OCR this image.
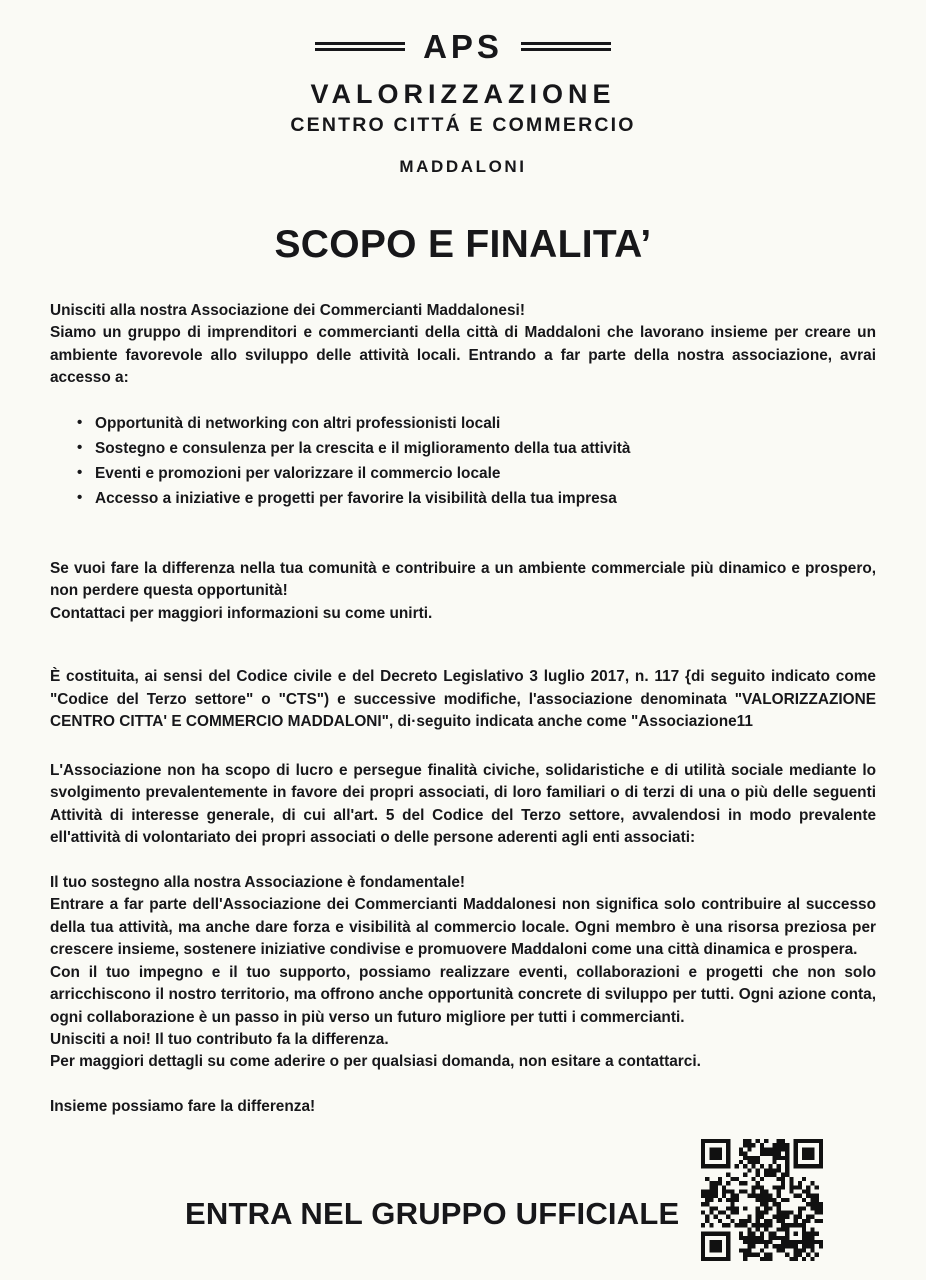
APS
VALORIZZAZIONE
CENTRO CITTÁ E COMMERCIO
MADDALONI
SCOPO E FINALITA’

Unisciti alla nostra Associazione dei Commercianti Maddalonesi!

Siamo un gruppo di imprenditori e commercianti della città di Maddaloni che lavorano insieme per creare un ambiente favorevole allo sviluppo delle attività locali. Entrando a far parte della nostra associazione, avrai accesso a:

• Opportunità di networking con altri professionisti locali
• Sostegno e consulenza per la crescita e il miglioramento della tua attività
• Eventi e promozioni per valorizzare il commercio locale
• Accesso a iniziative e progetti per favorire la visibilità della tua impresa

Se vuoi fare la differenza nella tua comunità e contribuire a un ambiente commerciale più dinamico e prospero, non perdere questa opportunità!

Contattaci per maggiori informazioni su come unirti.

È costituita, ai sensi del Codice civile e del Decreto Legislativo 3 luglio 2017, n. 117 {di seguito indicato come "Codice del Terzo settore" o "CTS") e successive modifiche, l'associazione denominata "VALORIZZAZIONE CENTRO CITTA' E COMMERCIO MADDALONI", di·seguito indicata anche come "Associazione11

L'Associazione non ha scopo di lucro e persegue finalità civiche, solidaristiche e di utilità sociale mediante lo svolgimento prevalentemente in favore dei propri associati, di loro familiari o di terzi di una o più delle seguenti Attività di interesse generale, di cui all'art. 5 del Codice del Terzo settore, avvalendosi in modo prevalente  ell'attività di volontariato dei propri associati o delle persone aderenti agli enti associati:

Il tuo sostegno alla nostra Associazione è fondamentale!

Entrare a far parte dell'Associazione dei Commercianti Maddalonesi non significa solo contribuire al successo della tua attività, ma anche dare forza e visibilità al commercio locale. Ogni membro è una risorsa preziosa per crescere insieme, sostenere iniziative condivise e promuovere Maddaloni come una città dinamica e prospera.

Con il tuo impegno e il tuo supporto, possiamo realizzare eventi, collaborazioni e progetti che non solo arricchiscono il nostro territorio, ma offrono anche opportunità concrete di sviluppo per tutti. Ogni azione conta, ogni collaborazione è un passo in più verso un futuro migliore per tutti i commercianti.

Unisciti a noi! Il tuo contributo fa la differenza.

Per maggiori dettagli su come aderire o per qualsiasi domanda, non esitare a contattarci.

Insieme possiamo fare la differenza!

ENTRA NEL GRUPPO UFFICIALE
